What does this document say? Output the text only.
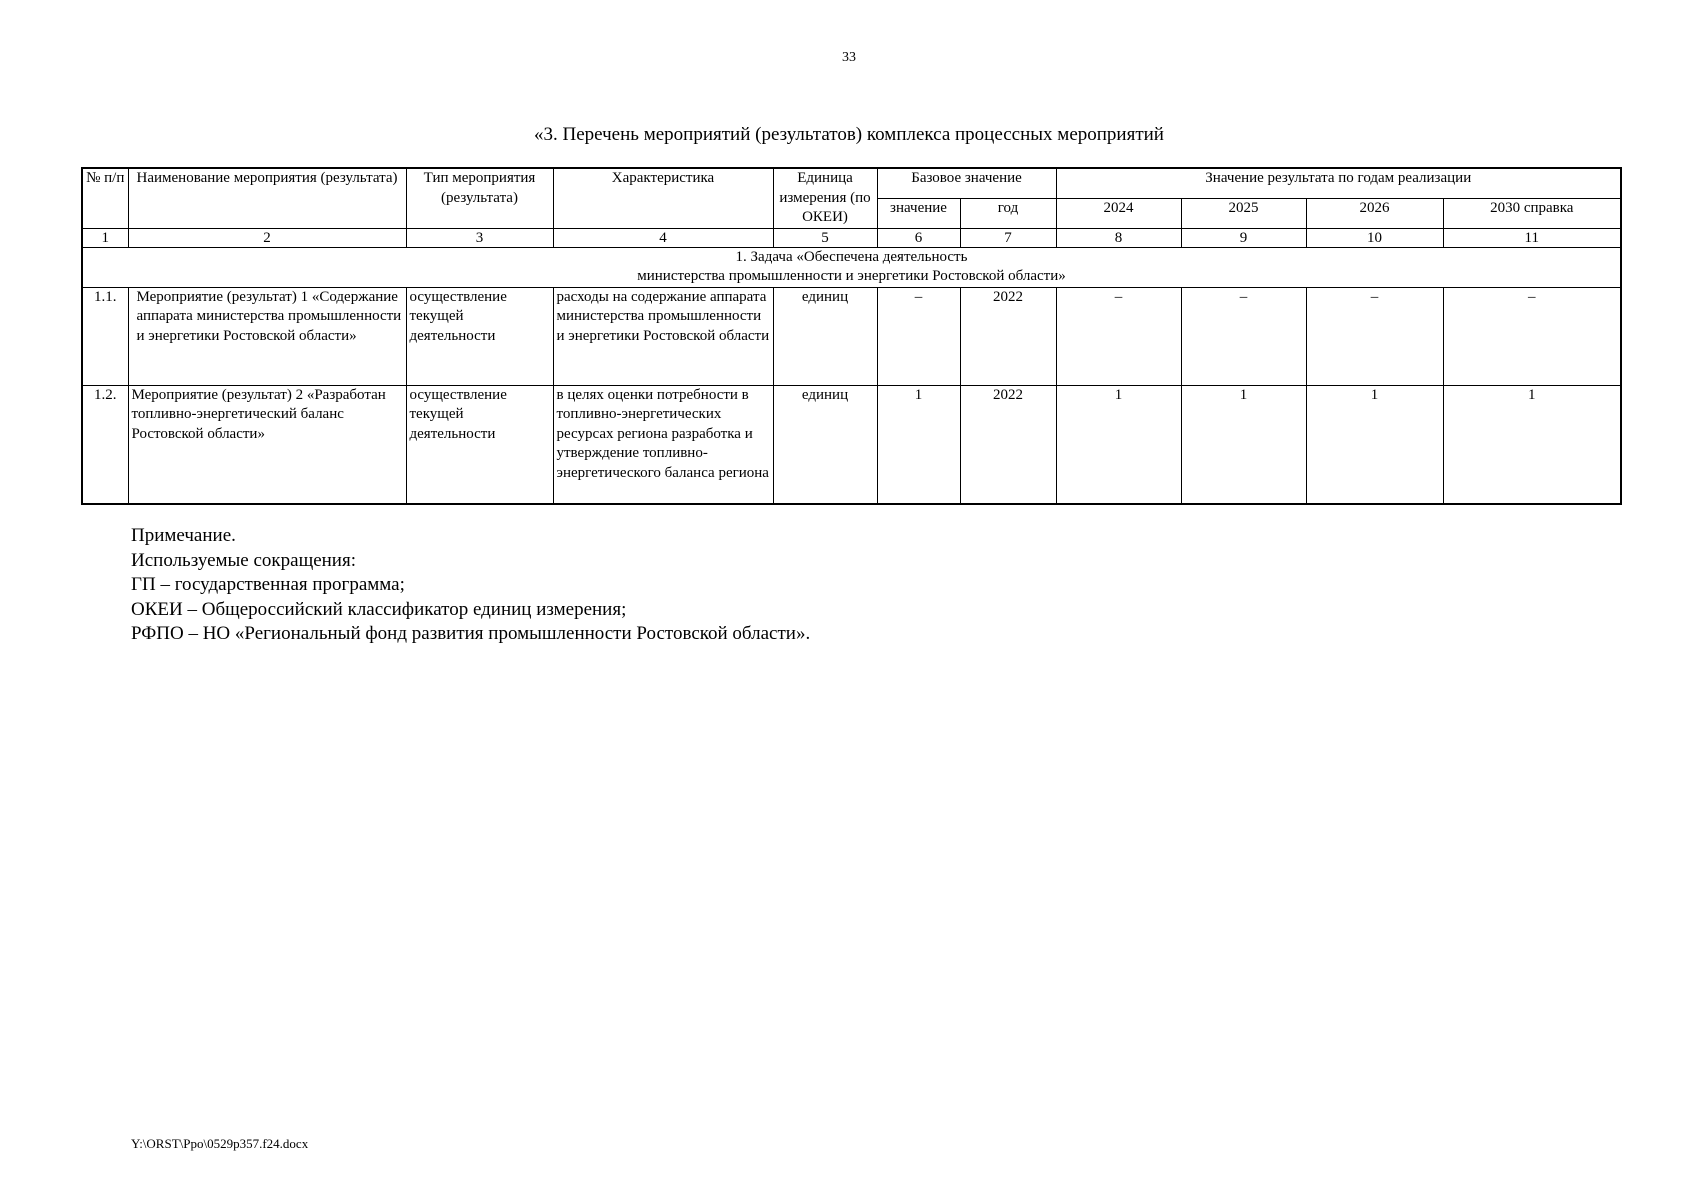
33
«3. Перечень мероприятий (результатов) комплекса процессных мероприятий
№ п/п	Наименование мероприятия (результата)	Тип мероприятия (результата)	Характеристика	Единица измерения (по ОКЕИ)	Базовое значение		Значение результата по годам реализации			
					значение	год	2024	2025	2026	2030 справка
1	2	3	4	5	6	7	8	9	10	11

1. Задача «Обеспечена деятельность
министерства промышленности и энергетики Ростовской области»										

1.1.	Мероприятие (результат) 1 «Содержание аппарата министерства промышленности и энергетики Ростовской области»	осуществление текущей деятельности	расходы на содержание аппарата министерства промышленности и энергетики Ростовской области	единиц	–	2022	–	–	–	–
1.2.	Мероприятие (результат) 2 «Разработан топливно-энергетический баланс Ростовской области»	осуществление текущей деятельности	в целях оценки потребности в топливно-энергетических ресурсах региона разработка и утверждение топливно-энергетического баланса региона	единиц	1	2022	1	1	1	1
Примечание.
Используемые сокращения:
ГП – государственная программа;
ОКЕИ – Общероссийский классификатор единиц измерения;
РФПО – НО «Региональный фонд развития промышленности Ростовской области».
Y:\ORST\Ppo\0529p357.f24.docx
